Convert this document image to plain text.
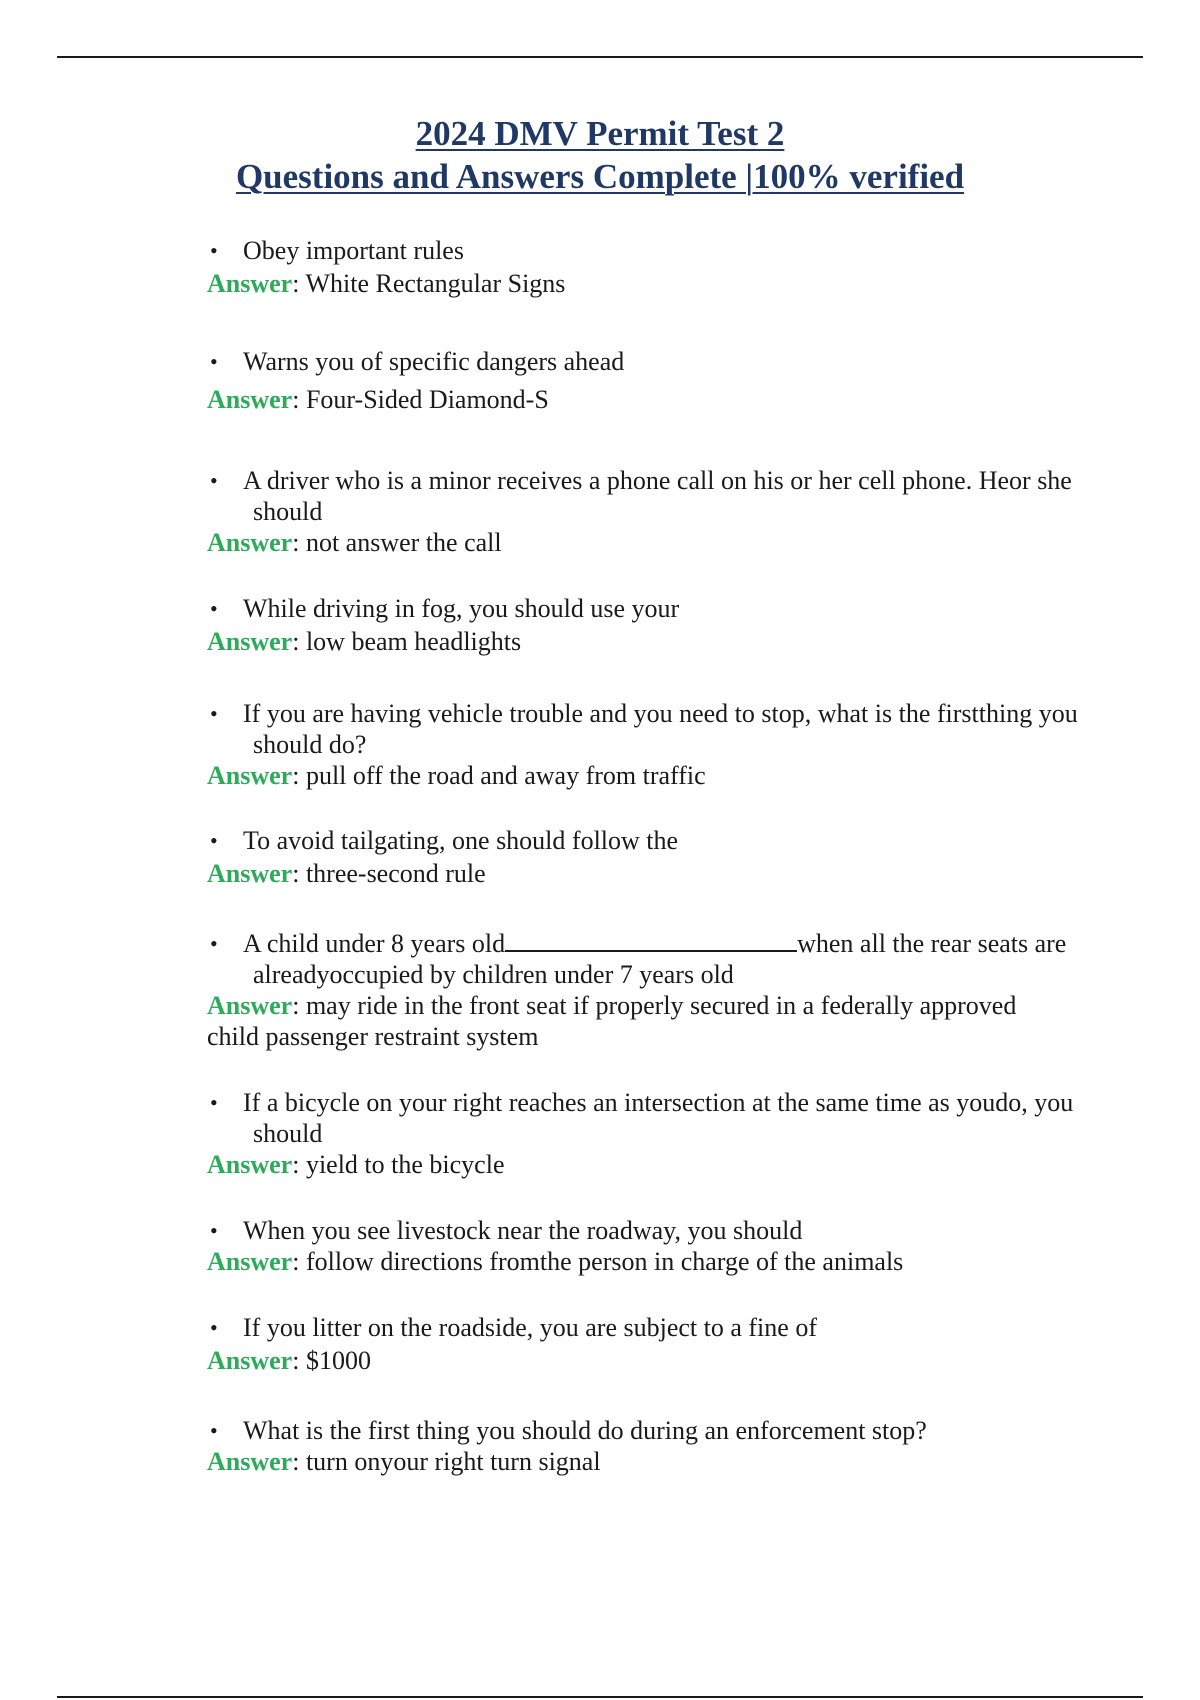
2024 DMV Permit Test 2
Questions and Answers Complete |100% verified

• Obey important rules

Answer: White Rectangular Signs

• Warns you of specific dangers ahead

Answer: Four-Sided Diamond-S

• A driver who is a minor receives a phone call on his or her cell phone. Heor she
should

Answer: not answer the call

• While driving in fog, you should use your

Answer: low beam headlights

• If you are having vehicle trouble and you need to stop, what is the firstthing you
should do?

Answer: pull off the road and away from traffic

• To avoid tailgating, one should follow the

Answer: three-second rule

• A child under 8 years old	when all the rear seats are
alreadyoccupied by children under 7 years old

Answer: may ride in the front seat if properly secured in a federally approved
child passenger restraint system

• If a bicycle on your right reaches an intersection at the same time as youdo, you
should

Answer: yield to the bicycle

• When you see livestock near the roadway, you should

Answer: follow directions fromthe person in charge of the animals

• If you litter on the roadside, you are subject to a fine of

Answer: $1000

• What is the first thing you should do during an enforcement stop?

Answer: turn onyour right turn signal
